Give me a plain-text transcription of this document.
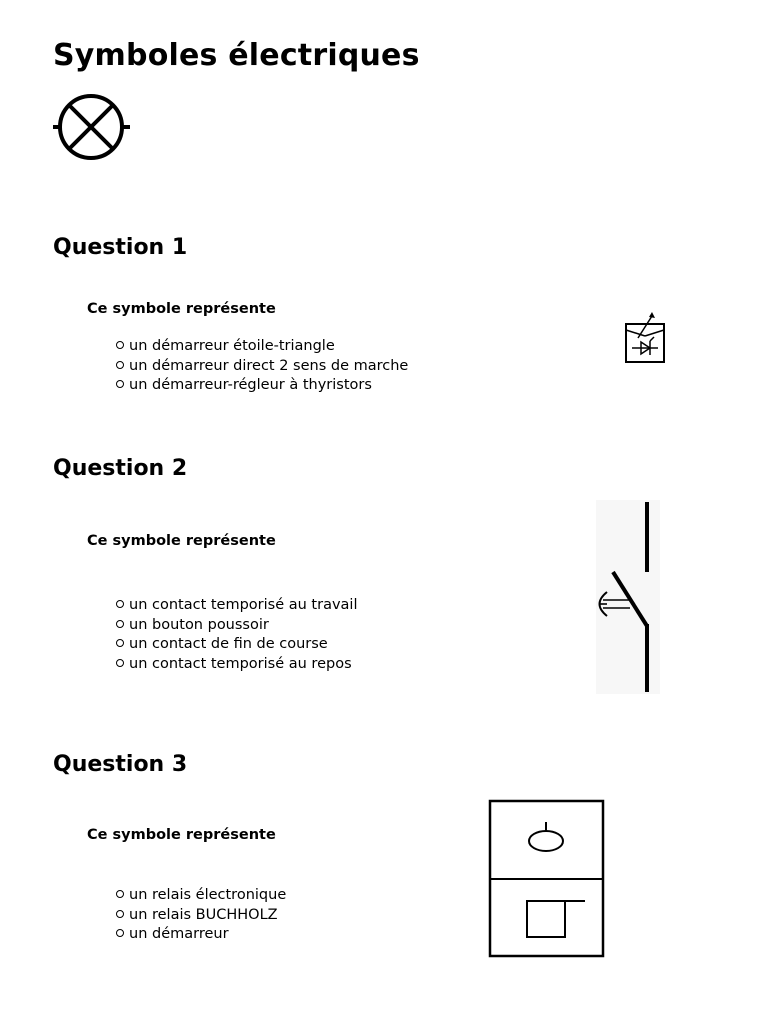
Symboles électriques
Question 1

Ce symbole représente

un démarreur étoile-triangle
un démarreur direct 2 sens de marche
un démarreur-régleur à thyristors
Question 2

Ce symbole représente

un contact temporisé au travail
un bouton poussoir
un contact de fin de course
un contact temporisé au repos
Question 3

Ce symbole représente

un relais électronique
un relais BUCHHOLZ
un démarreur
